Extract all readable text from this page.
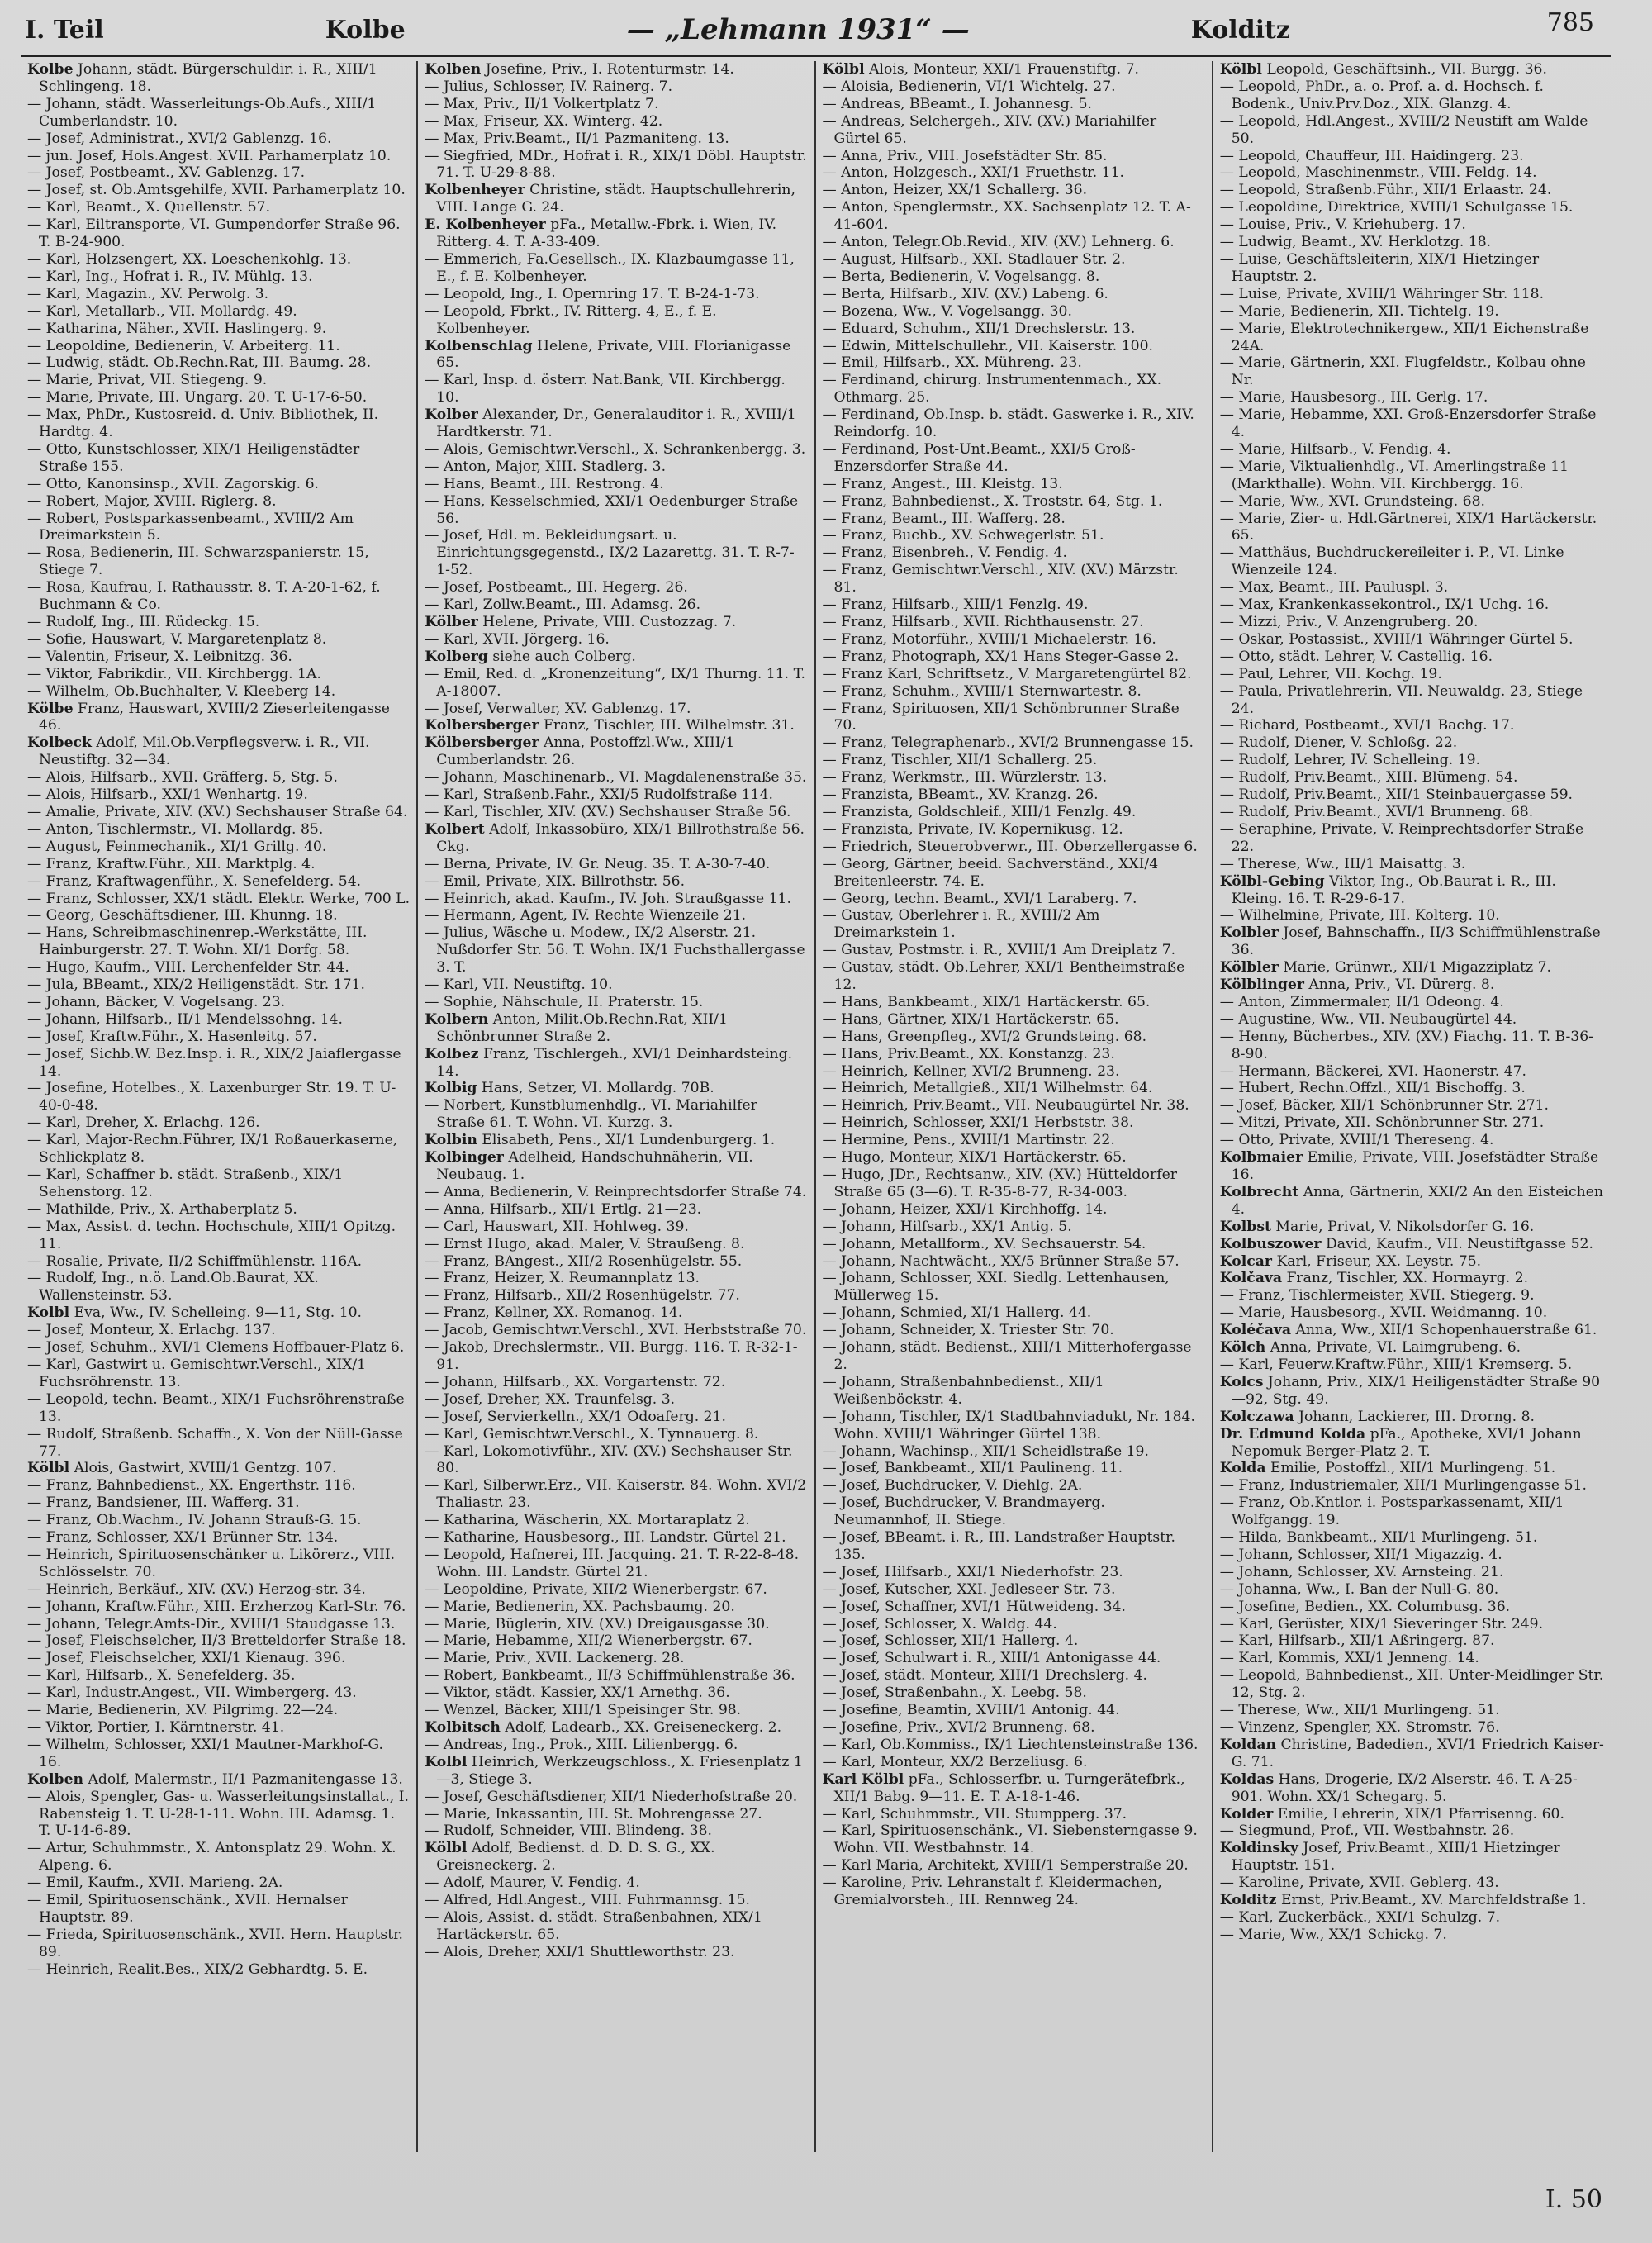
I. Teil	Kolbe	— „Lehmann 1931“ —	Kolditz	785

Kolbe Johann, städt. Bürgerschuldir. i. R., XIII/1 Schlingeng. 18.

— Johann, städt. Wasserleitungs-Ob.Aufs., XIII/1 Cumberlandstr. 10.

— Josef, Administrat., XVI/2 Gablenzg. 16.

— jun. Josef, Hols.Angest. XVII. Parhamerplatz 10.

— Josef, Postbeamt., XV. Gablenzg. 17.

— Josef, st. Ob.Amtsgehilfe, XVII. Parhamerplatz 10.

— Karl, Beamt., X. Quellenstr. 57.

— Karl, Eiltransporte, VI. Gumpendorfer Straße 96. T. B-24-900.

— Karl, Holzsengert, XX. Loeschenkohlg. 13.

— Karl, Ing., Hofrat i. R., IV. Mühlg. 13.

— Karl, Magazin., XV. Perwolg. 3.

— Karl, Metallarb., VII. Mollardg. 49.

— Katharina, Näher., XVII. Haslingerg. 9.

— Leopoldine, Bedienerin, V. Arbeiterg. 11.

— Ludwig, städt. Ob.Rechn.Rat, III. Baumg. 28.

— Marie, Privat, VII. Stiegeng. 9.

— Marie, Private, III. Ungarg. 20. T. U-17-6-50.

— Max, PhDr., Kustosreid. d. Univ. Bibliothek, II. Hardtg. 4.

— Otto, Kunstschlosser, XIX/1 Heiligenstädter Straße 155.

— Otto, Kanonsinsp., XVII. Zagorskig. 6.

— Robert, Major, XVIII. Riglerg. 8.

— Robert, Postsparkassenbeamt., XVIII/2 Am Dreimarkstein 5.

— Rosa, Bedienerin, III. Schwarzspanierstr. 15, Stiege 7.

— Rosa, Kaufrau, I. Rathausstr. 8. T. A-20-1-62, f. Buchmann & Co.

— Rudolf, Ing., III. Rüdeckg. 15.

— Sofie, Hauswart, V. Margaretenplatz 8.

— Valentin, Friseur, X. Leibnitzg. 36.

— Viktor, Fabrikdir., VII. Kirchbergg. 1A.

— Wilhelm, Ob.Buchhalter, V. Kleeberg 14.

Kölbe Franz, Hauswart, XVIII/2 Zieserleitengasse 46.

Kolbeck Adolf, Mil.Ob.Verpflegsverw. i. R., VII. Neustiftg. 32—34.

— Alois, Hilfsarb., XVII. Gräfferg. 5, Stg. 5.

— Alois, Hilfsarb., XXI/1 Wenhartg. 19.

— Amalie, Private, XIV. (XV.) Sechshauser Straße 64.

— Anton, Tischlermstr., VI. Mollardg. 85.

— August, Feinmechanik., XI/1 Grillg. 40.

— Franz, Kraftw.Führ., XII. Marktplg. 4.

— Franz, Kraftwagenführ., X. Senefelderg. 54.

— Franz, Schlosser, XX/1 städt. Elektr. Werke, 700 L.

— Georg, Geschäftsdiener, III. Khunng. 18.

— Hans, Schreibmaschinenrep.-Werkstätte, III. Hainburgerstr. 27. T. Wohn. XI/1 Dorfg. 58.

— Hugo, Kaufm., VIII. Lerchenfelder Str. 44.

— Jula, BBeamt., XIX/2 Heiligenstädt. Str. 171.

— Johann, Bäcker, V. Vogelsang. 23.

— Johann, Hilfsarb., II/1 Mendelssohng. 14.

— Josef, Kraftw.Führ., X. Hasenleitg. 57.

— Josef, Sichb.W. Bez.Insp. i. R., XIX/2 Jaiaflergasse 14.

— Josefine, Hotelbes., X. Laxenburger Str. 19. T. U-40-0-48.

— Karl, Dreher, X. Erlachg. 126.

— Karl, Major-Rechn.Führer, IX/1 Roßauerkaserne, Schlickplatz 8.

— Karl, Schaffner b. städt. Straßenb., XIX/1 Sehenstorg. 12.

— Mathilde, Priv., X. Arthaberplatz 5.

— Max, Assist. d. techn. Hochschule, XIII/1 Opitzg. 11.

— Rosalie, Private, II/2 Schiffmühlenstr. 116A.

— Rudolf, Ing., n.ö. Land.Ob.Baurat, XX. Wallensteinstr. 53.

Kolbl Eva, Ww., IV. Schelleing. 9—11, Stg. 10.

— Josef, Monteur, X. Erlachg. 137.

— Josef, Schuhm., XVI/1 Clemens Hoffbauer-Platz 6.

— Karl, Gastwirt u. Gemischtwr.Verschl., XIX/1 Fuchsröhrenstr. 13.

— Leopold, techn. Beamt., XIX/1 Fuchsröhrenstraße 13.

— Rudolf, Straßenb. Schaffn., X. Von der Nüll-Gasse 77.

Kölbl Alois, Gastwirt, XVIII/1 Gentzg. 107.

— Franz, Bahnbedienst., XX. Engerthstr. 116.

— Franz, Bandsiener, III. Wafferg. 31.

— Franz, Ob.Wachm., IV. Johann Strauß-G. 15.

— Franz, Schlosser, XX/1 Brünner Str. 134.

— Heinrich, Spirituosenschänker u. Likörerz., VIII. Schlösselstr. 70.

— Heinrich, Berkäuf., XIV. (XV.) Herzog-str. 34.

— Johann, Kraftw.Führ., XIII. Erzherzog Karl-Str. 76.

— Johann, Telegr.Amts-Dir., XVIII/1 Staudgasse 13.

— Josef, Fleischselcher, II/3 Bretteldorfer Straße 18.

— Josef, Fleischselcher, XXI/1 Kienaug. 396.

— Karl, Hilfsarb., X. Senefelderg. 35.

— Karl, Industr.Angest., VII. Wimbergerg. 43.

— Marie, Bedienerin, XV. Pilgrimg. 22—24.

— Viktor, Portier, I. Kärntnerstr. 41.

— Wilhelm, Schlosser, XXI/1 Mautner-Markhof-G. 16.

Kolben Adolf, Malermstr., II/1 Pazmanitengasse 13.

— Alois, Spengler, Gas- u. Wasserleitungsinstallat., I. Rabensteig 1. T. U-28-1-11. Wohn. III. Adamsg. 1. T. U-14-6-89.

— Artur, Schuhmmstr., X. Antonsplatz 29. Wohn. X. Alpeng. 6.

— Emil, Kaufm., XVII. Marieng. 2A.

— Emil, Spirituosenschänk., XVII. Hernalser Hauptstr. 89.

— Frieda, Spirituosenschänk., XVII. Hern. Hauptstr. 89.

— Heinrich, Realit.Bes., XIX/2 Gebhardtg. 5. E.

Kolben Josefine, Priv., I. Rotenturmstr. 14.

— Julius, Schlosser, IV. Rainerg. 7.

— Max, Priv., II/1 Volkertplatz 7.

— Max, Friseur, XX. Winterg. 42.

— Max, Priv.Beamt., II/1 Pazmaniteng. 13.

— Siegfried, MDr., Hofrat i. R., XIX/1 Döbl. Hauptstr. 71. T. U-29-8-88.

Kolbenheyer Christine, städt. Hauptschullehrerin, VIII. Lange G. 24.

E. Kolbenheyer pFa., Metallw.-Fbrk. i. Wien, IV. Ritterg. 4. T. A-33-409.

— Emmerich, Fa.Gesellsch., IX. Klazbaumgasse 11, E., f. E. Kolbenheyer.

— Leopold, Ing., I. Opernring 17. T. B-24-1-73.

— Leopold, Fbrkt., IV. Ritterg. 4, E., f. E. Kolbenheyer.

Kolbenschlag Helene, Private, VIII. Florianigasse 65.

— Karl, Insp. d. österr. Nat.Bank, VII. Kirchbergg. 10.

Kolber Alexander, Dr., Generalauditor i. R., XVIII/1 Hardtkerstr. 71.

— Alois, Gemischtwr.Verschl., X. Schrankenbergg. 3.

— Anton, Major, XIII. Stadlerg. 3.

— Hans, Beamt., III. Restrong. 4.

— Hans, Kesselschmied, XXI/1 Oedenburger Straße 56.

— Josef, Hdl. m. Bekleidungsart. u. Einrichtungsgegenstd., IX/2 Lazarettg. 31. T. R-7-1-52.

— Josef, Postbeamt., III. Hegerg. 26.

— Karl, Zollw.Beamt., III. Adamsg. 26.

Kölber Helene, Private, VIII. Custozzag. 7.

— Karl, XVII. Jörgerg. 16.

Kolberg siehe auch Colberg.

— Emil, Red. d. „Kronenzeitung“, IX/1 Thurng. 11. T. A-18007.

— Josef, Verwalter, XV. Gablenzg. 17.

Kolbersberger Franz, Tischler, III. Wilhelmstr. 31.

Kölbersberger Anna, Postoffzl.Ww., XIII/1 Cumberlandstr. 26.

— Johann, Maschinenarb., VI. Magdalenenstraße 35.

— Karl, Straßenb.Fahr., XXI/5 Rudolfstraße 114.

— Karl, Tischler, XIV. (XV.) Sechshauser Straße 56.

Kolbert Adolf, Inkassobüro, XIX/1 Billrothstraße 56. Ckg.

— Berna, Private, IV. Gr. Neug. 35. T. A-30-7-40.

— Emil, Private, XIX. Billrothstr. 56.

— Heinrich, akad. Kaufm., IV. Joh. Straußgasse 11.

— Hermann, Agent, IV. Rechte Wienzeile 21.

— Julius, Wäsche u. Modew., IX/2 Alserstr. 21. Nußdorfer Str. 56. T. Wohn. IX/1 Fuchsthallergasse 3. T.

— Karl, VII. Neustiftg. 10.

— Sophie, Nähschule, II. Praterstr. 15.

Kolbern Anton, Milit.Ob.Rechn.Rat, XII/1 Schönbrunner Straße 2.

Kolbez Franz, Tischlergeh., XVI/1 Deinhardsteing. 14.

Kolbig Hans, Setzer, VI. Mollardg. 70B.

— Norbert, Kunstblumenhdlg., VI. Mariahilfer Straße 61. T. Wohn. VI. Kurzg. 3.

Kolbin Elisabeth, Pens., XI/1 Lundenburgerg. 1.

Kolbinger Adelheid, Handschuhnäherin, VII. Neubaug. 1.

— Anna, Bedienerin, V. Reinprechtsdorfer Straße 74.

— Anna, Hilfsarb., XII/1 Ertlg. 21—23.

— Carl, Hauswart, XII. Hohlweg. 39.

— Ernst Hugo, akad. Maler, V. Straußeng. 8.

— Franz, BAngest., XII/2 Rosenhügelstr. 55.

— Franz, Heizer, X. Reumannplatz 13.

— Franz, Hilfsarb., XII/2 Rosenhügelstr. 77.

— Franz, Kellner, XX. Romanog. 14.

— Jacob, Gemischtwr.Verschl., XVI. Herbststraße 70.

— Jakob, Drechslermstr., VII. Burgg. 116. T. R-32-1-91.

— Johann, Hilfsarb., XX. Vorgartenstr. 72.

— Josef, Dreher, XX. Traunfelsg. 3.

— Josef, Servierkelln., XX/1 Odoaferg. 21.

— Karl, Gemischtwr.Verschl., X. Tynnauerg. 8.

— Karl, Lokomotivführ., XIV. (XV.) Sechshauser Str. 80.

— Karl, Silberwr.Erz., VII. Kaiserstr. 84. Wohn. XVI/2 Thaliastr. 23.

— Katharina, Wäscherin, XX. Mortaraplatz 2.

— Katharine, Hausbesorg., III. Landstr. Gürtel 21.

— Leopold, Hafnerei, III. Jacquing. 21. T. R-22-8-48. Wohn. III. Landstr. Gürtel 21.

— Leopoldine, Private, XII/2 Wienerbergstr. 67.

— Marie, Bedienerin, XX. Pachsbaumg. 20.

— Marie, Büglerin, XIV. (XV.) Dreigausgasse 30.

— Marie, Hebamme, XII/2 Wienerbergstr. 67.

— Marie, Priv., XVII. Lackenerg. 28.

— Robert, Bankbeamt., II/3 Schiffmühlenstraße 36.

— Viktor, städt. Kassier, XX/1 Arnethg. 36.

— Wenzel, Bäcker, XIII/1 Speisinger Str. 98.

Kolbitsch Adolf, Ladearb., XX. Greiseneckerg. 2.

— Andreas, Ing., Prok., XIII. Lilienbergg. 6.

Kolbl Heinrich, Werkzeugschloss., X. Friesenplatz 1—3, Stiege 3.

— Josef, Geschäftsdiener, XII/1 Niederhofstraße 20.

— Marie, Inkassantin, III. St. Mohrengasse 27.

— Rudolf, Schneider, VIII. Blindeng. 38.

Kölbl Adolf, Bedienst. d. D. D. S. G., XX. Greisneckerg. 2.

— Adolf, Maurer, V. Fendig. 4.

— Alfred, Hdl.Angest., VIII. Fuhrmannsg. 15.

— Alois, Assist. d. städt. Straßenbahnen, XIX/1 Hartäckerstr. 65.

— Alois, Dreher, XXI/1 Shuttleworthstr. 23.

Kölbl Alois, Monteur, XXI/1 Frauenstiftg. 7.

— Aloisia, Bedienerin, VI/1 Wichtelg. 27.

— Andreas, BBeamt., I. Johannesg. 5.

— Andreas, Selchergeh., XIV. (XV.) Mariahilfer Gürtel 65.

— Anna, Priv., VIII. Josefstädter Str. 85.

— Anton, Holzgesch., XXI/1 Fruethstr. 11.

— Anton, Heizer, XX/1 Schallerg. 36.

— Anton, Spenglermstr., XX. Sachsenplatz 12. T. A-41-604.

— Anton, Telegr.Ob.Revid., XIV. (XV.) Lehnerg. 6.

— August, Hilfsarb., XXI. Stadlauer Str. 2.

— Berta, Bedienerin, V. Vogelsangg. 8.

— Berta, Hilfsarb., XIV. (XV.) Labeng. 6.

— Bozena, Ww., V. Vogelsangg. 30.

— Eduard, Schuhm., XII/1 Drechslerstr. 13.

— Edwin, Mittelschullehr., VII. Kaiserstr. 100.

— Emil, Hilfsarb., XX. Mühreng. 23.

— Ferdinand, chirurg. Instrumentenmach., XX. Othmarg. 25.

— Ferdinand, Ob.Insp. b. städt. Gaswerke i. R., XIV. Reindorfg. 10.

— Ferdinand, Post-Unt.Beamt., XXI/5 Groß-Enzersdorfer Straße 44.

— Franz, Angest., III. Kleistg. 13.

— Franz, Bahnbedienst., X. Troststr. 64, Stg. 1.

— Franz, Beamt., III. Wafferg. 28.

— Franz, Buchb., XV. Schwegerlstr. 51.

— Franz, Eisenbreh., V. Fendig. 4.

— Franz, Gemischtwr.Verschl., XIV. (XV.) Märzstr. 81.

— Franz, Hilfsarb., XIII/1 Fenzlg. 49.

— Franz, Hilfsarb., XVII. Richthausenstr. 27.

— Franz, Motorführ., XVIII/1 Michaelerstr. 16.

— Franz, Photograph, XX/1 Hans Steger-Gasse 2.

— Franz Karl, Schriftsetz., V. Margaretengürtel 82.

— Franz, Schuhm., XVIII/1 Sternwartestr. 8.

— Franz, Spirituosen, XII/1 Schönbrunner Straße 70.

— Franz, Telegraphenarb., XVI/2 Brunnengasse 15.

— Franz, Tischler, XII/1 Schallerg. 25.

— Franz, Werkmstr., III. Würzlerstr. 13.

— Franzista, BBeamt., XV. Kranzg. 26.

— Franzista, Goldschleif., XIII/1 Fenzlg. 49.

— Franzista, Private, IV. Kopernikusg. 12.

— Friedrich, Steuerobverwr., III. Oberzellergasse 6.

— Georg, Gärtner, beeid. Sachverständ., XXI/4 Breitenleerstr. 74. E.

— Georg, techn. Beamt., XVI/1 Laraberg. 7.

— Gustav, Oberlehrer i. R., XVIII/2 Am Dreimarkstein 1.

— Gustav, Postmstr. i. R., XVIII/1 Am Dreiplatz 7.

— Gustav, städt. Ob.Lehrer, XXI/1 Bentheimstraße 12.

— Hans, Bankbeamt., XIX/1 Hartäckerstr. 65.

— Hans, Gärtner, XIX/1 Hartäckerstr. 65.

— Hans, Greenpfleg., XVI/2 Grundsteing. 68.

— Hans, Priv.Beamt., XX. Konstanzg. 23.

— Heinrich, Kellner, XVI/2 Brunneng. 23.

— Heinrich, Metallgieß., XII/1 Wilhelmstr. 64.

— Heinrich, Priv.Beamt., VII. Neubaugürtel Nr. 38.

— Heinrich, Schlosser, XXI/1 Herbststr. 38.

— Hermine, Pens., XVIII/1 Martinstr. 22.

— Hugo, Monteur, XIX/1 Hartäckerstr. 65.

— Hugo, JDr., Rechtsanw., XIV. (XV.) Hütteldorfer Straße 65 (3—6). T. R-35-8-77, R-34-003.

— Johann, Heizer, XXI/1 Kirchhoffg. 14.

— Johann, Hilfsarb., XX/1 Antig. 5.

— Johann, Metallform., XV. Sechsauerstr. 54.

— Johann, Nachtwächt., XX/5 Brünner Straße 57.

— Johann, Schlosser, XXI. Siedlg. Lettenhausen, Müllerweg 15.

— Johann, Schmied, XI/1 Hallerg. 44.

— Johann, Schneider, X. Triester Str. 70.

— Johann, städt. Bedienst., XIII/1 Mitterhofergasse 2.

— Johann, Straßenbahnbedienst., XII/1 Weißenböckstr. 4.

— Johann, Tischler, IX/1 Stadtbahnviadukt, Nr. 184. Wohn. XVIII/1 Währinger Gürtel 138.

— Johann, Wachinsp., XII/1 Scheidlstraße 19.

— Josef, Bankbeamt., XII/1 Paulineng. 11.

— Josef, Buchdrucker, V. Diehlg. 2A.

— Josef, Buchdrucker, V. Brandmayerg. Neumannhof, II. Stiege.

— Josef, BBeamt. i. R., III. Landstraßer Hauptstr. 135.

— Josef, Hilfsarb., XXI/1 Niederhofstr. 23.

— Josef, Kutscher, XXI. Jedleseer Str. 73.

— Josef, Schaffner, XVI/1 Hütweideng. 34.

— Josef, Schlosser, X. Waldg. 44.

— Josef, Schlosser, XII/1 Hallerg. 4.

— Josef, Schulwart i. R., XIII/1 Antonigasse 44.

— Josef, städt. Monteur, XIII/1 Drechslerg. 4.

— Josef, Straßenbahn., X. Leebg. 58.

— Josefine, Beamtin, XVIII/1 Antonig. 44.

— Josefine, Priv., XVI/2 Brunneng. 68.

— Karl, Ob.Kommiss., IX/1 Liechtensteinstraße 136.

— Karl, Monteur, XX/2 Berzeliusg. 6.

Karl Kölbl pFa., Schlosserfbr. u. Turngerätefbrk., XII/1 Babg. 9—11. E. T. A-18-1-46.

— Karl, Schuhmmstr., VII. Stumpperg. 37.

— Karl, Spirituosenschänk., VI. Siebensterngasse 9. Wohn. VII. Westbahnstr. 14.

— Karl Maria, Architekt, XVIII/1 Semperstraße 20.

— Karoline, Priv. Lehranstalt f. Kleidermachen, Gremialvorsteh., III. Rennweg 24.

Kölbl Leopold, Geschäftsinh., VII. Burgg. 36.

— Leopold, PhDr., a. o. Prof. a. d. Hochsch. f. Bodenk., Univ.Prv.Doz., XIX. Glanzg. 4.

— Leopold, Hdl.Angest., XVIII/2 Neustift am Walde 50.

— Leopold, Chauffeur, III. Haidingerg. 23.

— Leopold, Maschinenmstr., VIII. Feldg. 14.

— Leopold, Straßenb.Führ., XII/1 Erlaastr. 24.

— Leopoldine, Direktrice, XVIII/1 Schulgasse 15.

— Louise, Priv., V. Kriehuberg. 17.

— Ludwig, Beamt., XV. Herklotzg. 18.

— Luise, Geschäftsleiterin, XIX/1 Hietzinger Hauptstr. 2.

— Luise, Private, XVIII/1 Währinger Str. 118.

— Marie, Bedienerin, XII. Tichtelg. 19.

— Marie, Elektrotechnikergew., XII/1 Eichenstraße 24A.

— Marie, Gärtnerin, XXI. Flugfeldstr., Kolbau ohne Nr.

— Marie, Hausbesorg., III. Gerlg. 17.

— Marie, Hebamme, XXI. Groß-Enzersdorfer Straße 4.

— Marie, Hilfsarb., V. Fendig. 4.

— Marie, Viktualienhdlg., VI. Amerlingstraße 11 (Markthalle). Wohn. VII. Kirchbergg. 16.

— Marie, Ww., XVI. Grundsteing. 68.

— Marie, Zier- u. Hdl.Gärtnerei, XIX/1 Hartäckerstr. 65.

— Matthäus, Buchdruckereileiter i. P., VI. Linke Wienzeile 124.

— Max, Beamt., III. Pauluspl. 3.

— Max, Krankenkassekontrol., IX/1 Uchg. 16.

— Mizzi, Priv., V. Anzengruberg. 20.

— Oskar, Postassist., XVIII/1 Währinger Gürtel 5.

— Otto, städt. Lehrer, V. Castellig. 16.

— Paul, Lehrer, VII. Kochg. 19.

— Paula, Privatlehrerin, VII. Neuwaldg. 23, Stiege 24.

— Richard, Postbeamt., XVI/1 Bachg. 17.

— Rudolf, Diener, V. Schloßg. 22.

— Rudolf, Lehrer, IV. Schelleing. 19.

— Rudolf, Priv.Beamt., XIII. Blümeng. 54.

— Rudolf, Priv.Beamt., XII/1 Steinbauergasse 59.

— Rudolf, Priv.Beamt., XVI/1 Brunneng. 68.

— Seraphine, Private, V. Reinprechtsdorfer Straße 22.

— Therese, Ww., III/1 Maisattg. 3.

Kölbl-Gebing Viktor, Ing., Ob.Baurat i. R., III. Kleing. 16. T. R-29-6-17.

— Wilhelmine, Private, III. Kolterg. 10.

Kolbler Josef, Bahnschaffn., II/3 Schiffmühlenstraße 36.

Kölbler Marie, Grünwr., XII/1 Migazziplatz 7.

Kölblinger Anna, Priv., VI. Dürerg. 8.

— Anton, Zimmermaler, II/1 Odeong. 4.

— Augustine, Ww., VII. Neubaugürtel 44.

— Henny, Bücherbes., XIV. (XV.) Fiachg. 11. T. B-36-8-90.

— Hermann, Bäckerei, XVI. Haonerstr. 47.

— Hubert, Rechn.Offzl., XII/1 Bischoffg. 3.

— Josef, Bäcker, XII/1 Schönbrunner Str. 271.

— Mitzi, Private, XII. Schönbrunner Str. 271.

— Otto, Private, XVIII/1 Thereseng. 4.

Kolbmaier Emilie, Private, VIII. Josefstädter Straße 16.

Kolbrecht Anna, Gärtnerin, XXI/2 An den Eisteichen 4.

Kolbst Marie, Privat, V. Nikolsdorfer G. 16.

Kolbuszower David, Kaufm., VII. Neustiftgasse 52.

Kolcar Karl, Friseur, XX. Leystr. 75.

Kolčava Franz, Tischler, XX. Hormayrg. 2.

— Franz, Tischlermeister, XVII. Stiegerg. 9.

— Marie, Hausbesorg., XVII. Weidmanng. 10.

Koléčava Anna, Ww., XII/1 Schopenhauerstraße 61.

Kölch Anna, Private, VI. Laimgrubeng. 6.

— Karl, Feuerw.Kraftw.Führ., XIII/1 Kremserg. 5.

Kolcs Johann, Priv., XIX/1 Heiligenstädter Straße 90—92, Stg. 49.

Kolczawa Johann, Lackierer, III. Drorng. 8.

Dr. Edmund Kolda pFa., Apotheke, XVI/1 Johann Nepomuk Berger-Platz 2. T.

Kolda Emilie, Postoffzl., XII/1 Murlingeng. 51.

— Franz, Industriemaler, XII/1 Murlingengasse 51.

— Franz, Ob.Kntlor. i. Postsparkassenamt, XII/1 Wolfgangg. 19.

— Hilda, Bankbeamt., XII/1 Murlingeng. 51.

— Johann, Schlosser, XII/1 Migazzig. 4.

— Johann, Schlosser, XV. Arnsteing. 21.

— Johanna, Ww., I. Ban der Null-G. 80.

— Josefine, Bedien., XX. Columbusg. 36.

— Karl, Gerüster, XIX/1 Sieveringer Str. 249.

— Karl, Hilfsarb., XII/1 Aßringerg. 87.

— Karl, Kommis, XXI/1 Jenneng. 14.

— Leopold, Bahnbedienst., XII. Unter-Meidlinger Str. 12, Stg. 2.

— Therese, Ww., XII/1 Murlingeng. 51.

— Vinzenz, Spengler, XX. Stromstr. 76.

Koldan Christine, Badedien., XVI/1 Friedrich Kaiser-G. 71.

Koldas Hans, Drogerie, IX/2 Alserstr. 46. T. A-25-901. Wohn. XX/1 Schegarg. 5.

Kolder Emilie, Lehrerin, XIX/1 Pfarrisenng. 60.

— Siegmund, Prof., VII. Westbahnstr. 26.

Koldinsky Josef, Priv.Beamt., XIII/1 Hietzinger Hauptstr. 151.

— Karoline, Private, XVII. Geblerg. 43.

Kolditz Ernst, Priv.Beamt., XV. Marchfeldstraße 1.

— Karl, Zuckerbäck., XXI/1 Schulzg. 7.

— Marie, Ww., XX/1 Schickg. 7.

I. 50
